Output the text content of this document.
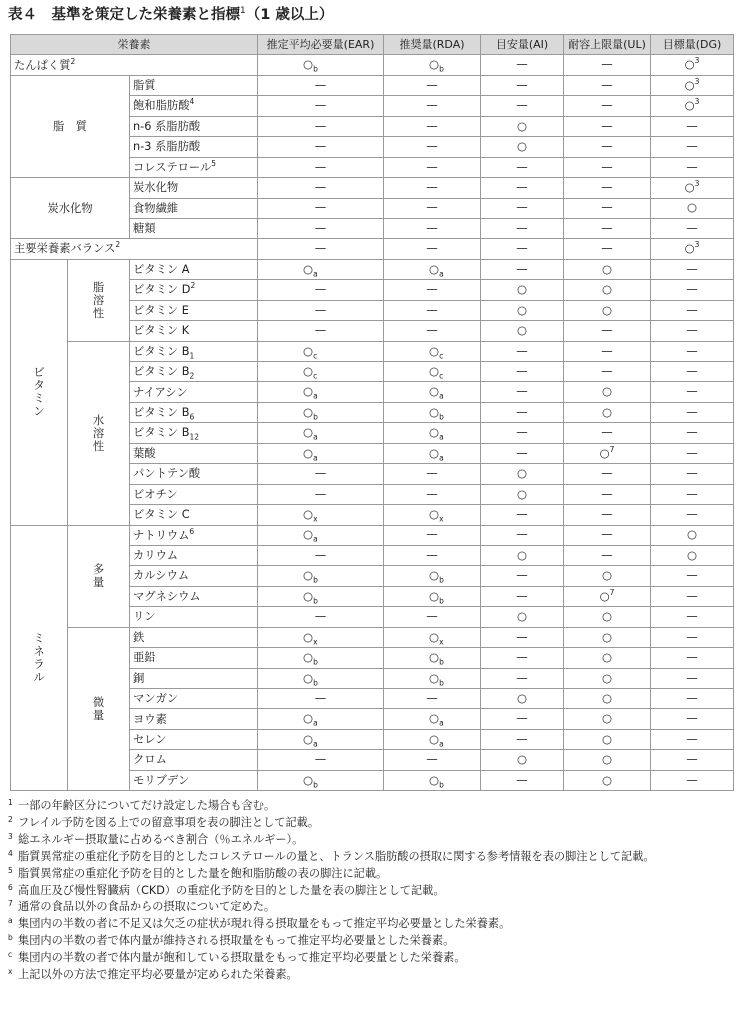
表４　基準を策定した栄養素と指標$^1$（1 歳以上）
栄養素			推定平均必要量(EAR)	推奨量(RDA)	目安量(AI)	耐容上限量(UL)	目標量(DG)
たんぱく質$^2$			$○_b$	$○_b$	—	—	○$^3$
脂　質		脂質	—	—	—	—	○$^3$
		飽和脂肪酸$^4$	—	—	—	—	○$^3$
		n-6 系脂肪酸	—	—	○	—	—
		n-3 系脂肪酸	—	—	○	—	—
		コレステロール$^5$	—	—	—	—	—
炭水化物		炭水化物	—	—	—	—	○$^3$
		食物繊維	—	—	—	—	○
		糖類	—	—	—	—	—
主要栄養素バランス$^2$			—	—	—	—	○$^3$
ビタミン	脂溶性	ビタミン A	$○_a$	$○_a$	—	○	—
		ビタミン $D^2$	—	—	○	○	—
		ビタミン E	—	—	○	○	—
		ビタミン K	—	—	○	—	—
	水溶性	ビタミン $B_1$	$○_c$	$○_c$	—	—	—
		ビタミン $B_2$	$○_c$	$○_c$	—	—	—
		ナイアシン	$○_a$	$○_a$	—	○	—
		ビタミン $B_6$	$○_b$	$○_b$	—	○	—
		ビタミン $B_{12}$	$○_a$	$○_a$	—	—	—
		葉酸	$○_a$	$○_a$	—	○$^7$	—
		パントテン酸	—	—	○	—	—
		ビオチン	—	—	○	—	—
		ビタミン C	$○_x$	$○_x$	—	—	—
ミネラル	多量	ナトリウム$^6$	$○_a$	—	—	—	○
		カリウム	—	—	○	—	○
		カルシウム	$○_b$	$○_b$	—	○	—
		マグネシウム	$○_b$	$○_b$	—	○$^7$	—
		リン	—	—	○	○	—
	微量	鉄	$○_x$	$○_x$	—	○	—
		亜鉛	$○_b$	$○_b$	—	○	—
		銅	$○_b$	$○_b$	—	○	—
		マンガン	—	—	○	○	—
		ヨウ素	$○_a$	$○_a$	—	○	—
		セレン	$○_a$	$○_a$	—	○	—
		クロム	—	—	○	○	—
		モリブデン	$○_b$	$○_b$	—	○	—
1 一部の年齢区分についてだけ設定した場合も含む。
2 フレイル予防を図る上での留意事項を表の脚注として記載。
3 総エネルギー摂取量に占めるべき割合（％エネルギー）。
4 脂質異常症の重症化予防を目的としたコレステロールの量と、トランス脂肪酸の摂取に関する参考情報を表の脚注として記載。
5 脂質異常症の重症化予防を目的とした量を飽和脂肪酸の表の脚注に記載。
6 高血圧及び慢性腎臓病（CKD）の重症化予防を目的とした量を表の脚注として記載。
7 通常の食品以外の食品からの摂取について定めた。
a 集団内の半数の者に不足又は欠乏の症状が現れ得る摂取量をもって推定平均必要量とした栄養素。
b 集団内の半数の者で体内量が維持される摂取量をもって推定平均必要量とした栄養素。
c 集団内の半数の者で体内量が飽和している摂取量をもって推定平均必要量とした栄養素。
x 上記以外の方法で推定平均必要量が定められた栄養素。
